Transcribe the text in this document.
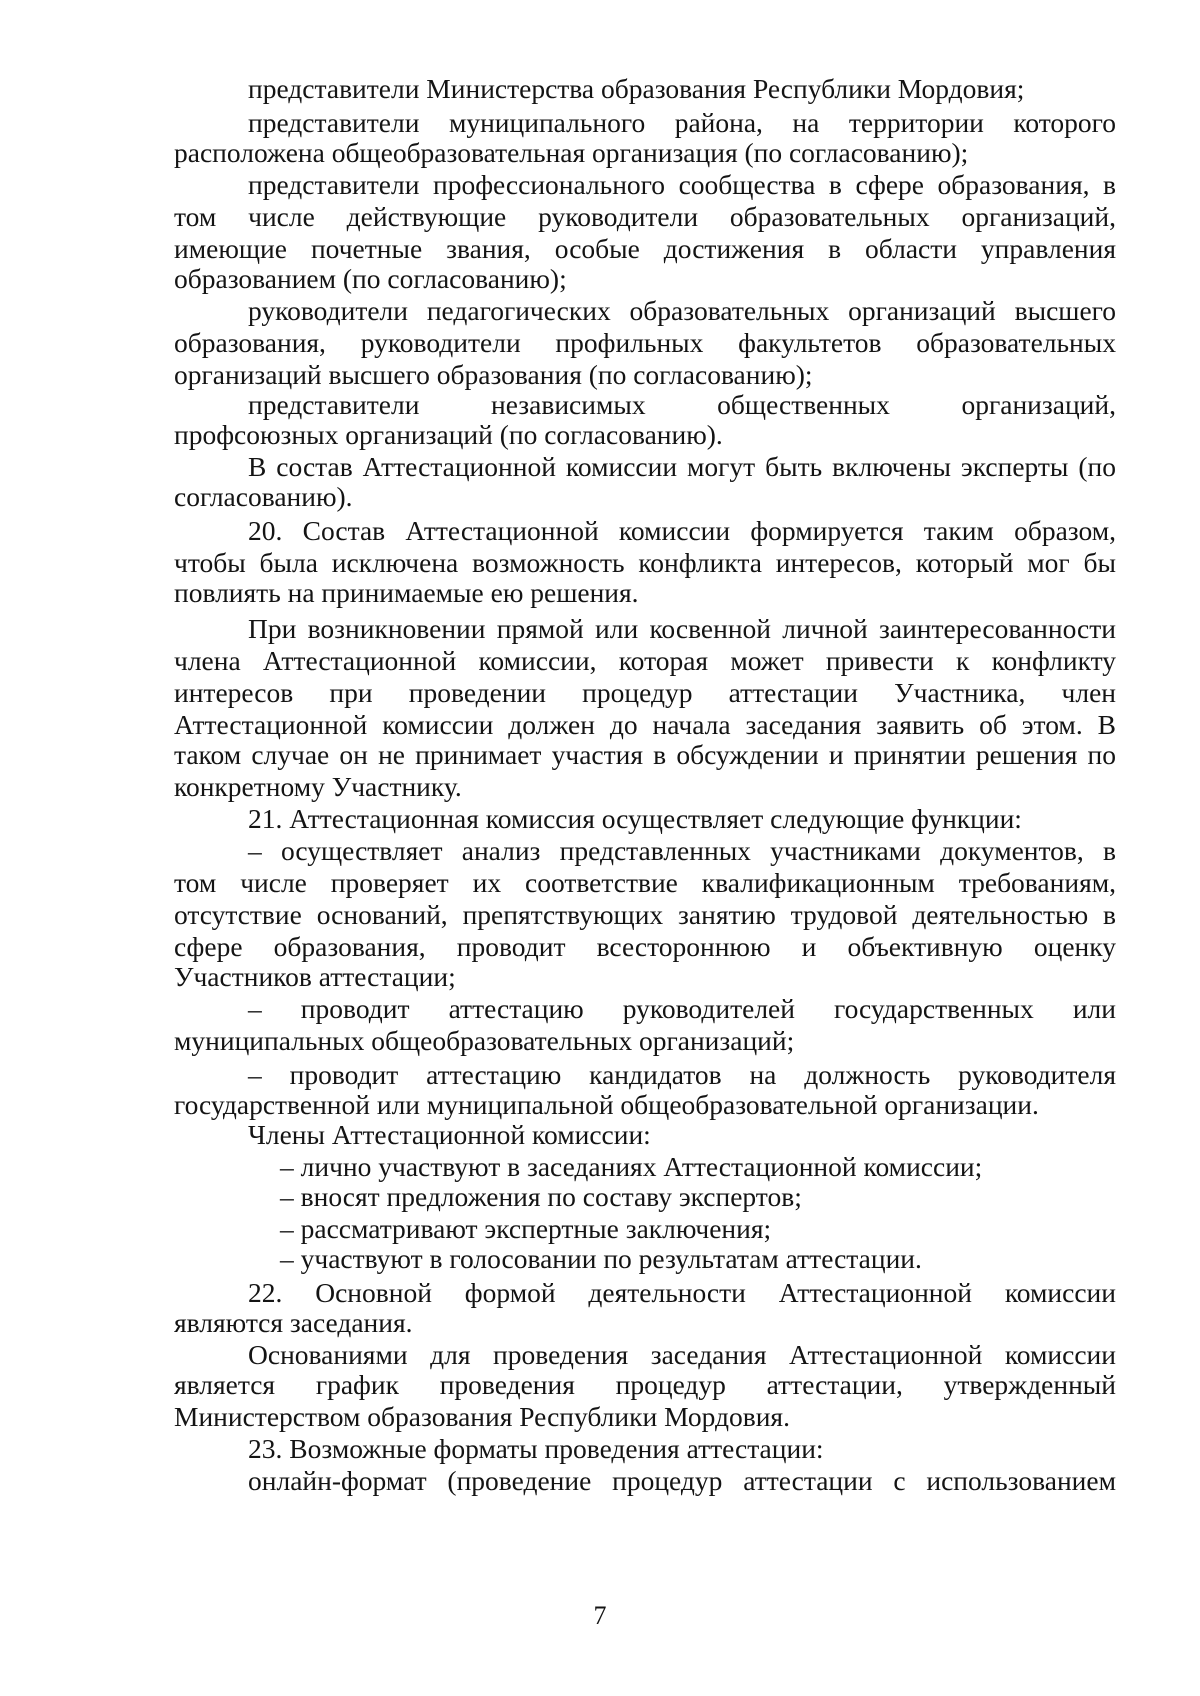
представители Министерства образования Республики Мордовия;
представители муниципального района, на территории которого
расположена общеобразовательная организация (по согласованию);
представители профессионального сообщества в сфере образования, в
том числе действующие руководители образовательных организаций,
имеющие почетные звания, особые достижения в области управления
образованием (по согласованию);
руководители педагогических образовательных организаций высшего
образования, руководители профильных факультетов образовательных
организаций высшего образования (по согласованию);
представители независимых общественных организаций,
профсоюзных организаций (по согласованию).
В состав Аттестационной комиссии могут быть включены эксперты (по
согласованию).
20. Состав Аттестационной комиссии формируется таким образом,
чтобы была исключена возможность конфликта интересов, который мог бы
повлиять на принимаемые ею решения.
При возникновении прямой или косвенной личной заинтересованности
члена Аттестационной комиссии, которая может привести к конфликту
интересов при проведении процедур аттестации Участника, член
Аттестационной комиссии должен до начала заседания заявить об этом. В
таком случае он не принимает участия в обсуждении и принятии решения по
конкретному Участнику.
21. Аттестационная комиссия осуществляет следующие функции:
– осуществляет анализ представленных участниками документов, в
том числе проверяет их соответствие квалификационным требованиям,
отсутствие оснований, препятствующих занятию трудовой деятельностью в
сфере образования, проводит всестороннюю и объективную оценку
Участников аттестации;
– проводит аттестацию руководителей государственных или
муниципальных общеобразовательных организаций;
– проводит аттестацию кандидатов на должность руководителя
государственной или муниципальной общеобразовательной организации.
Члены Аттестационной комиссии:
– лично участвуют в заседаниях Аттестационной комиссии;
– вносят предложения по составу экспертов;
– рассматривают экспертные заключения;
– участвуют в голосовании по результатам аттестации.
22. Основной формой деятельности Аттестационной комиссии
являются заседания.
Основаниями для проведения заседания Аттестационной комиссии
является график проведения процедур аттестации, утвержденный
Министерством образования Республики Мордовия.
23. Возможные форматы проведения аттестации:
онлайн-формат (проведение процедур аттестации с использованием
7
